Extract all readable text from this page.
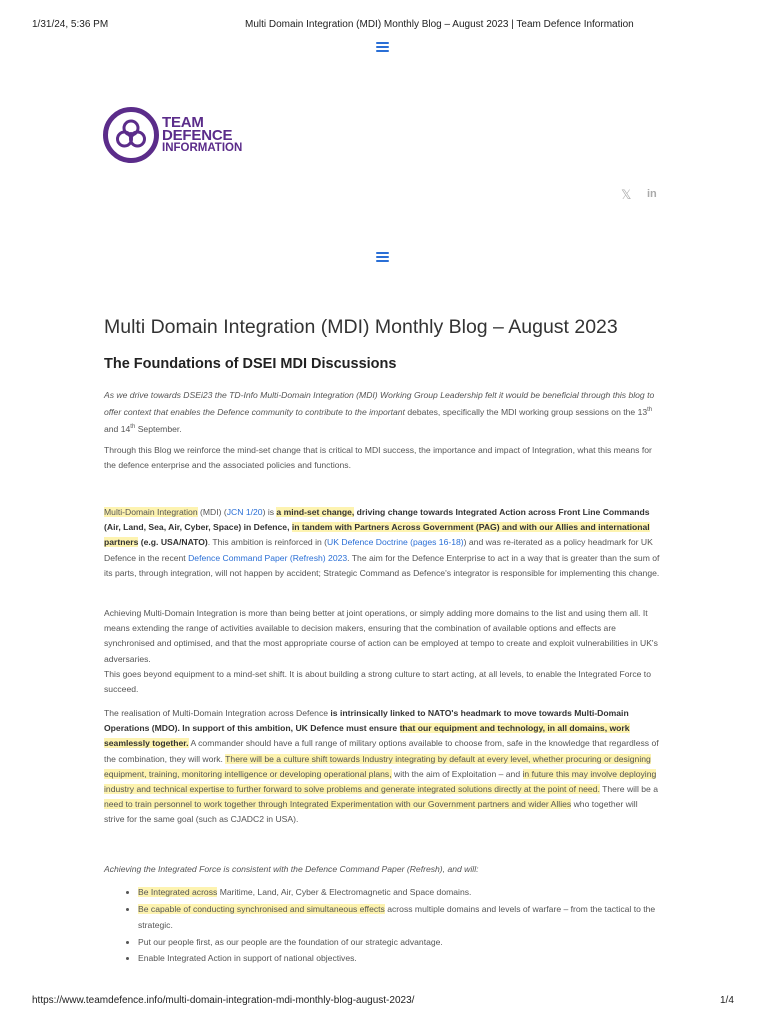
1/31/24, 5:36 PM	Multi Domain Integration (MDI) Monthly Blog – August 2023 | Team Defence Information
TEAM
DEFENCE
INFORMATION
𝕏 in
Multi Domain Integration (MDI) Monthly Blog – August 2023
The Foundations of DSEI MDI Discussions

As we drive towards DSEi23 the TD-Info Multi-Domain Integration (MDI) Working Group Leadership felt it would be beneficial through this blog to offer context that enables the Defence community to contribute to the important debates, specifically the MDI working group sessions on the 13th and 14th September.

Through this Blog we reinforce the mind-set change that is critical to MDI success, the importance and impact of Integration, what this means for the defence enterprise and the associated policies and functions.

Multi-Domain Integration (MDI) (JCN 1/20) is a mind-set change, driving change towards Integrated Action across Front Line Commands (Air, Land, Sea, Air, Cyber, Space) in Defence, in tandem with Partners Across Government (PAG) and with our Allies and international partners (e.g. USA/NATO). This ambition is reinforced in (UK Defence Doctrine (pages 16-18)) and was re-iterated as a policy headmark for UK Defence in the recent Defence Command Paper (Refresh) 2023. The aim for the Defence Enterprise to act in a way that is greater than the sum of its parts, through integration, will not happen by accident; Strategic Command as Defence's integrator is responsible for implementing this change.

Achieving Multi-Domain Integration is more than being better at joint operations, or simply adding more domains to the list and using them all. It means extending the range of activities available to decision makers, ensuring that the combination of available options and effects are synchronised and optimised, and that the most appropriate course of action can be employed at tempo to create and exploit vulnerabilities in UK's adversaries.

This goes beyond equipment to a mind-set shift. It is about building a strong culture to start acting, at all levels, to enable the Integrated Force to succeed.

The realisation of Multi-Domain Integration across Defence is intrinsically linked to NATO's headmark to move towards Multi-Domain Operations (MDO). In support of this ambition, UK Defence must ensure that our equipment and technology, in all domains, work seamlessly together. A commander should have a full range of military options available to choose from, safe in the knowledge that regardless of the combination, they will work. There will be a culture shift towards Industry integrating by default at every level, whether procuring or designing equipment, training, monitoring intelligence or developing operational plans, with the aim of Exploitation – and in future this may involve deploying industry and technical expertise to further forward to solve problems and generate integrated solutions directly at the point of need. There will be a need to train personnel to work together through Integrated Experimentation with our Government partners and wider Allies who together will strive for the same goal (such as CJADC2 in USA).

Achieving the Integrated Force is consistent with the Defence Command Paper (Refresh), and will:

• Be Integrated across Maritime, Land, Air, Cyber & Electromagnetic and Space domains.
• Be capable of conducting synchronised and simultaneous effects across multiple domains and levels of warfare – from the tactical to the strategic.
• Put our people first, as our people are the foundation of our strategic advantage.
• Enable Integrated Action in support of national objectives.
https://www.teamdefence.info/multi-domain-integration-mdi-monthly-blog-august-2023/	1/4
